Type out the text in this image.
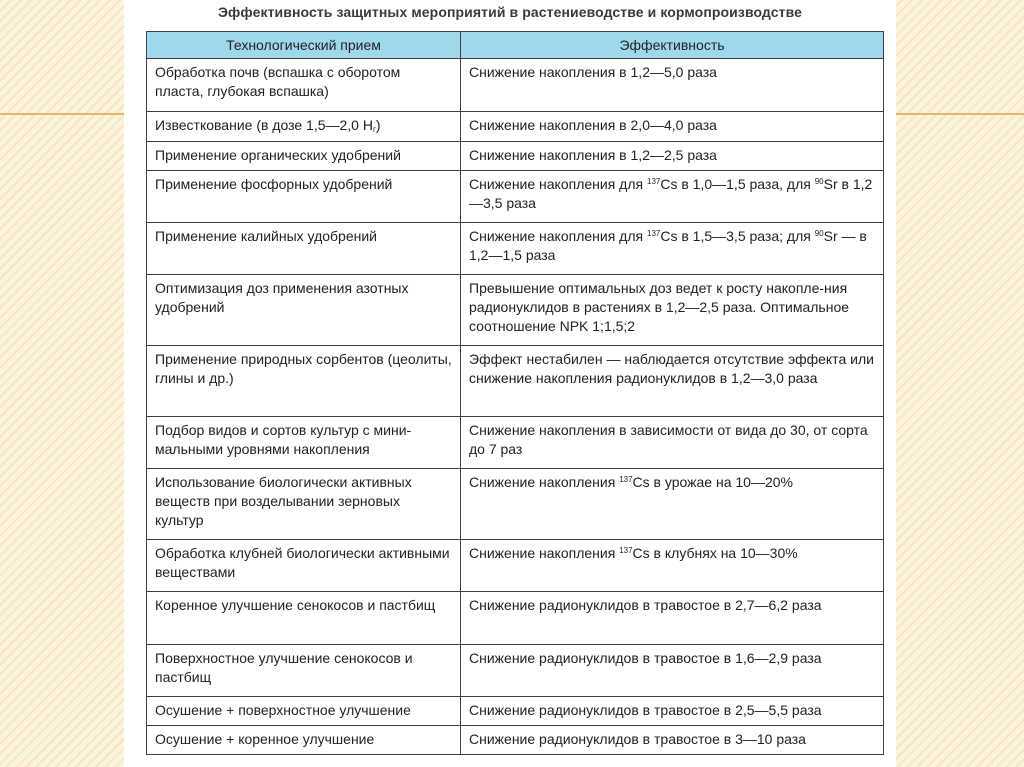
Эффективность защитных мероприятий в растениеводстве и кормопроизводстве
Технологический прием	Эффективность
Обработка почв (вспашка с оборотом пласта, глубокая вспашка)	Снижение накопления в 1,2—5,0 раза
Известкование (в дозе 1,5—2,0 $Н_г$)	Снижение накопления в 2,0—4,0 раза
Применение органических удобрений	Снижение накопления в 1,2—2,5 раза
Применение фосфорных удобрений	Снижение накопления для $^{137}$Cs в 1,0—1,5 раза, для $^{90}$Sr в 1,2—3,5 раза
Применение калийных удобрений	Снижение накопления для $^{137}$Cs в 1,5—3,5 раза; для $^{90}$Sr — в 1,2—1,5 раза
Оптимизация доз применения азотных удобрений	Превышение оптимальных доз ведет к росту накопле-ния радионуклидов в растениях в 1,2—2,5 раза. Оптимальное соотношение NPK 1;1,5;2
Применение природных сорбентов (цеолиты, глины и др.)	Эффект нестабилен — наблюдается отсутствие эффекта или снижение накопления радионуклидов в 1,2—3,0 раза
Подбор видов и сортов культур с мини-мальными уровнями накопления	Снижение накопления в зависимости от вида до 30, от сорта до 7 раз
Использование биологически активных веществ при возделывании зерновых культур	Снижение накопления $^{137}$Cs в урожае на 10—20%
Обработка клубней биологически активными веществами	Снижение накопления $^{137}$Cs в клубнях на 10—30%
Коренное улучшение сенокосов и пастбищ	Снижение радионуклидов в травостое в 2,7—6,2 раза
Поверхностное улучшение сенокосов и пастбищ	Снижение радионуклидов в травостое в 1,6—2,9 раза
Осушение + поверхностное улучшение	Снижение радионуклидов в травостое в 2,5—5,5 раза
Осушение + коренное улучшение	Снижение радионуклидов в травостое в 3—10 раза
